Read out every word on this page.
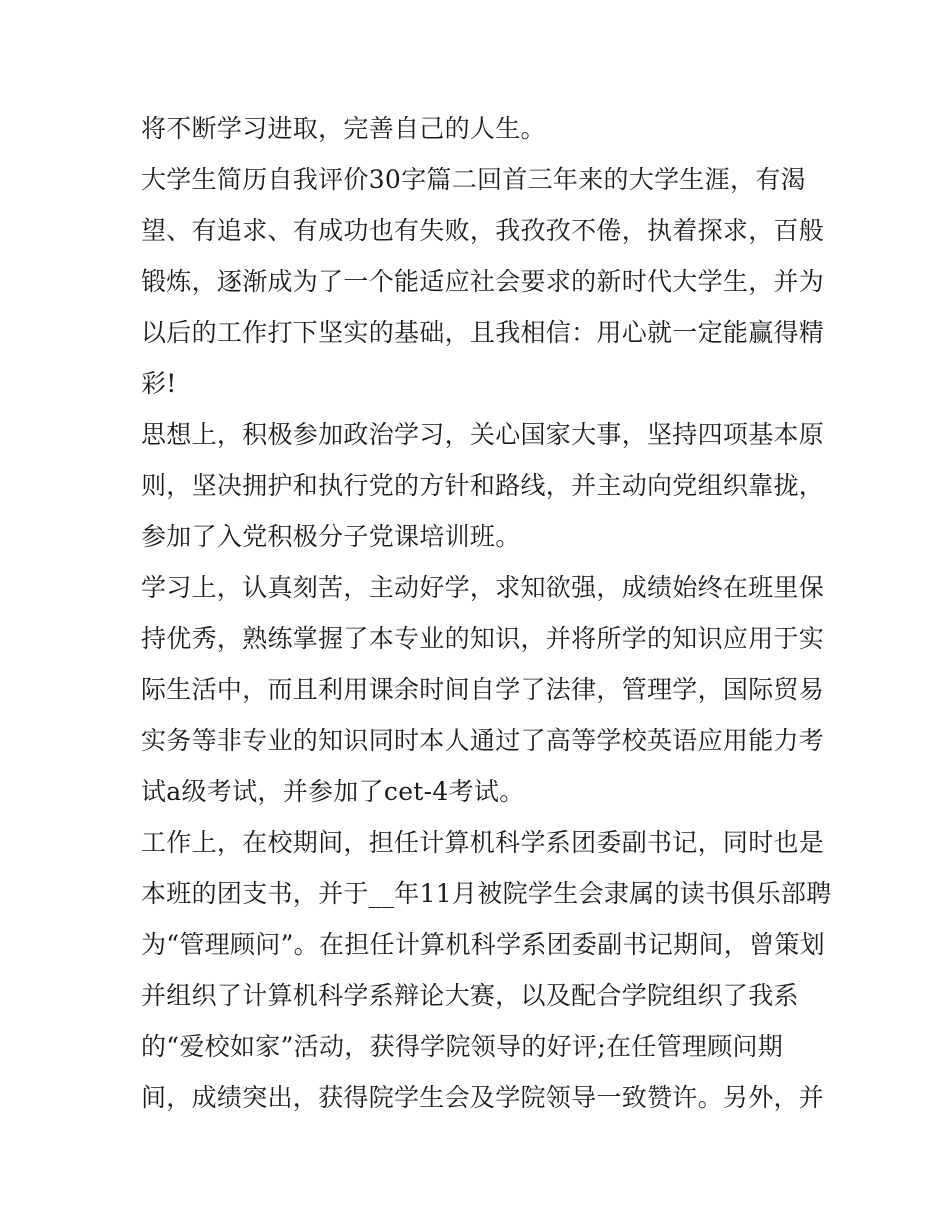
将不断学习进取，完善自己的人生。
大学生简历自我评价30字篇二回首三年来的大学生涯，有渴
望、有追求、有成功也有失败，我孜孜不倦，执着探求，百般
锻炼，逐渐成为了一个能适应社会要求的新时代大学生，并为
以后的工作打下坚实的基础，且我相信：用心就一定能赢得精
彩!
思想上，积极参加政治学习，关心国家大事，坚持四项基本原
则，坚决拥护和执行党的方针和路线，并主动向党组织靠拢，
参加了入党积极分子党课培训班。
学习上，认真刻苦，主动好学，求知欲强，成绩始终在班里保
持优秀，熟练掌握了本专业的知识，并将所学的知识应用于实
际生活中，而且利用课余时间自学了法律，管理学，国际贸易
实务等非专业的知识同时本人通过了高等学校英语应用能力考
试a级考试，并参加了cet-4考试。
工作上，在校期间，担任计算机科学系团委副书记，同时也是
本班的团支书，并于__年11月被院学生会隶属的读书俱乐部聘
为“管理顾问”。在担任计算机科学系团委副书记期间，曾策划
并组织了计算机科学系辩论大赛，以及配合学院组织了我系
的“爱校如家”活动，获得学院领导的好评;在任管理顾问期
间，成绩突出，获得院学生会及学院领导一致赞许。另外，并
